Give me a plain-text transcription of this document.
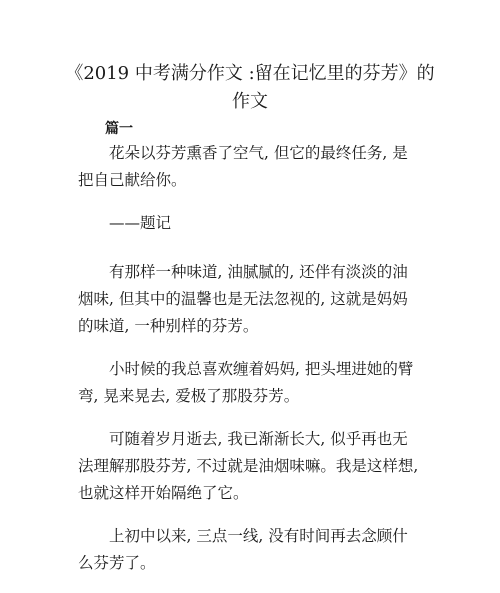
《2019 中考满分作文 :留在记忆里的芬芳》的
作文
篇一

花朵以芬芳熏香了空气, 但它的最终任务, 是把自己献给你。

——题记

有那样一种味道, 油腻腻的, 还伴有淡淡的油烟味, 但其中的温馨也是无法忽视的, 这就是妈妈的味道, 一种别样的芬芳。

小时候的我总喜欢缠着妈妈, 把头埋进她的臂弯, 晃来晃去, 爱极了那股芬芳。

可随着岁月逝去, 我已渐渐长大, 似乎再也无法理解那股芬芳, 不过就是油烟味嘛。我是这样想, 也就这样开始隔绝了它。

上初中以来, 三点一线, 没有时间再去念顾什么芬芳了。
